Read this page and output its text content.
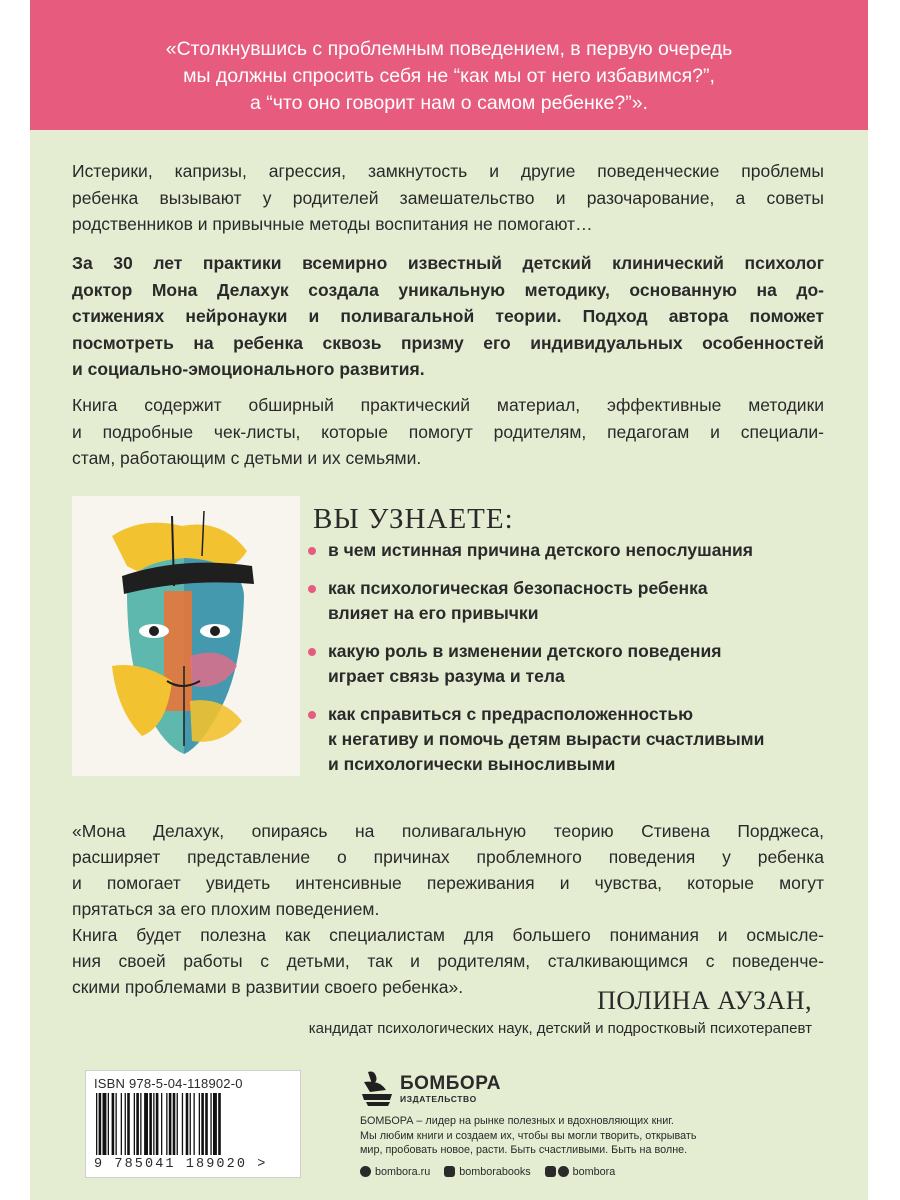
«Столкнувшись с проблемным поведением, в первую очередь
мы должны спросить себя не “как мы от него избавимся?”,
а “что оно говорит нам о самом ребенке?”».
Истерики, капризы, агрессия, замкнутость и другие поведенческие проблемы
ребенка вызывают у родителей замешательство и разочарование, а советы
родственников и привычные методы воспитания не помогают…
За 30 лет практики всемирно известный детский клинический психолог
доктор Мона Делахук создала уникальную методику, основанную на до-
стижениях нейронауки и поливагальной теории. Подход автора поможет
посмотреть на ребенка сквозь призму его индивидуальных особенностей
и социально-эмоционального развития.
Книга содержит обширный практический материал, эффективные методики
и подробные чек-листы, которые помогут родителям, педагогам и специали-
стам, работающим с детьми и их семьями.
ВЫ УЗНАЕТЕ:
в чем истинная причина детского непослушания
как психологическая безопасность ребенка
влияет на его привычки
какую роль в изменении детского поведения
играет связь разума и тела
как справиться с предрасположенностью
к негативу и помочь детям вырасти счастливыми
и психологически выносливыми
«Мона Делахук, опираясь на поливагальную теорию Стивена Порджеса,
расширяет представление о причинах проблемного поведения у ребенка
и помогает увидеть интенсивные переживания и чувства, которые могут
прятаться за его плохим поведением.
Книга будет полезна как специалистам для большего понимания и осмысле-
ния своей работы с детьми, так и родителям, сталкивающимся с поведенче-
скими проблемами в развитии своего ребенка».	ПОЛИНА АУЗАН,
кандидат психологических наук, детский и подростковый психотерапевт
ISBN 978-5-04-118902-0
9 785041 189020 >
БОМБОРА
ИЗДАТЕЛЬСТВО
БОМБОРА – лидер на рынке полезных и вдохновляющих книг.
Мы любим книги и создаем их, чтобы вы могли творить, открывать
мир, пробовать новое, расти. Быть счастливыми. Быть на волне.
bombora.ru	bomborabooks	bombora
